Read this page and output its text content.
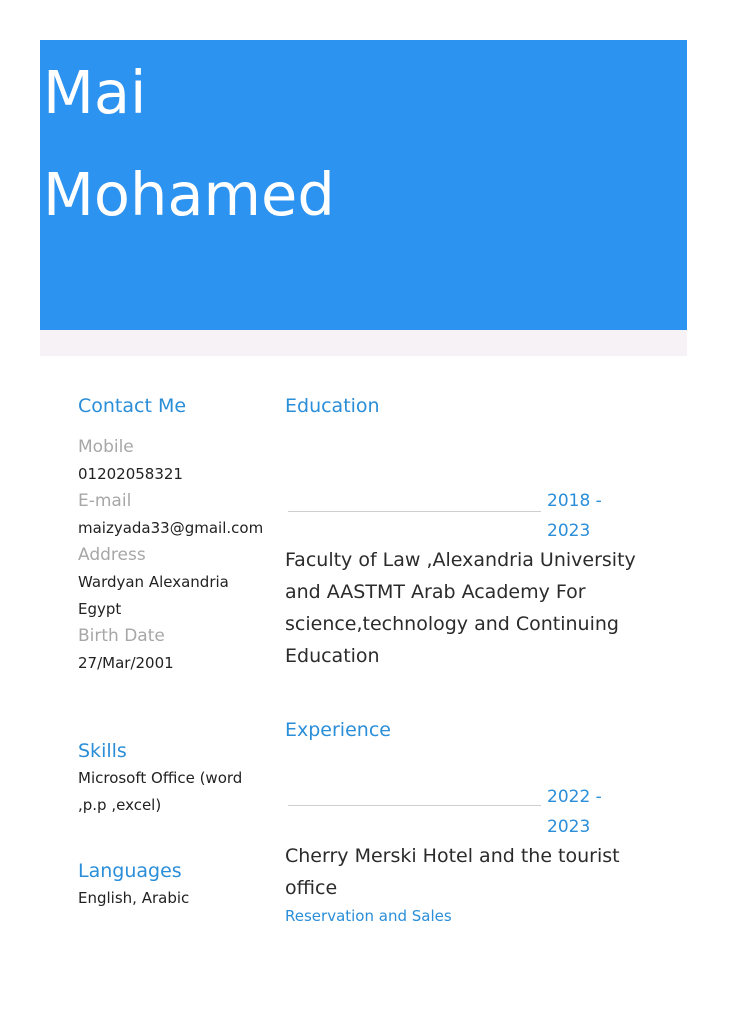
Mai
Mohamed
Contact Me
Mobile
01202058321
E-mail
maizyada33@gmail.com
Address
Wardyan Alexandria Egypt
Birth Date
27/Mar/2001
Skills
Microsoft Office (word ,p.p ,excel)
Languages
English, Arabic
Education
2018 - 2023
Faculty of Law ,Alexandria University and AASTMT Arab Academy For science,technology and Continuing Education
Experience
2022 - 2023
Cherry Merski Hotel and the tourist office
Reservation and Sales
